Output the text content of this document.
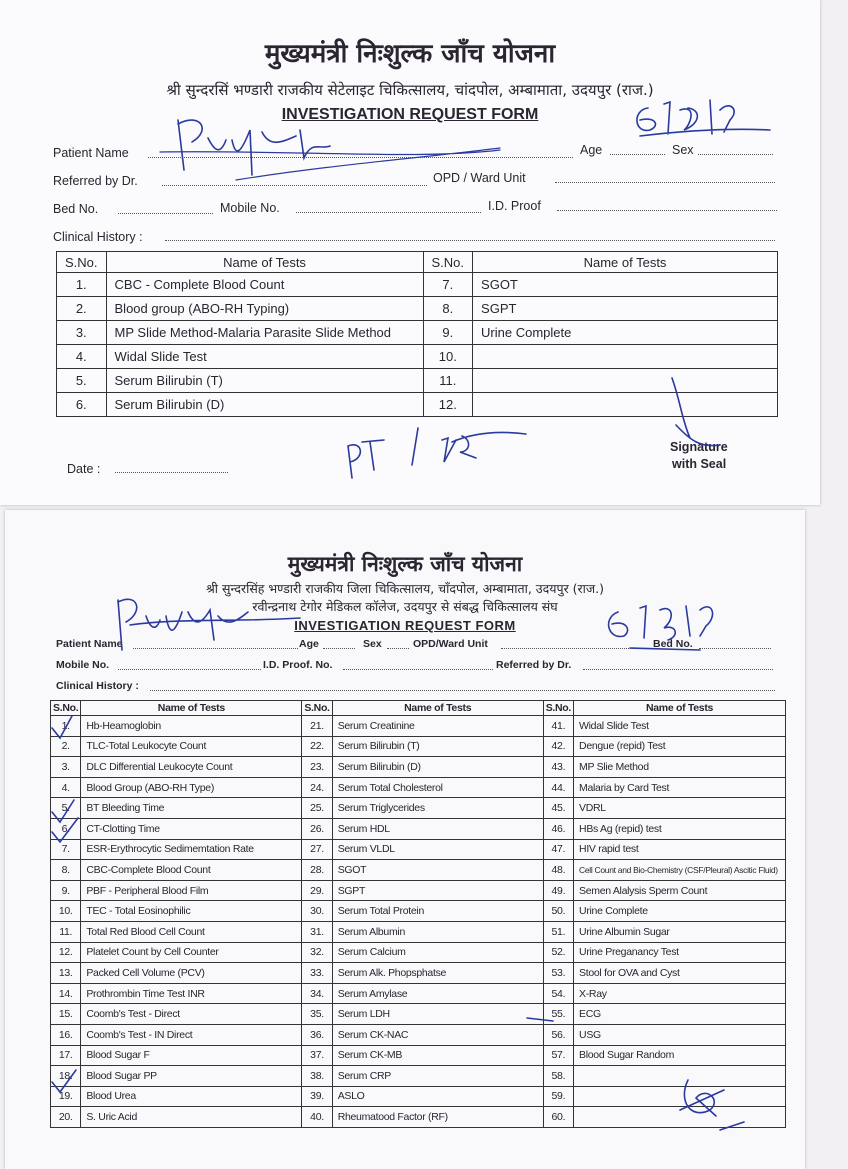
मुख्यमंत्री निःशुल्क जाँच योजना
श्री सुन्दरसिं भण्डारी राजकीय सेटेलाइट चिकित्सालय, चांदपोल, अम्बामाता, उदयपुर (राज.)
INVESTIGATION REQUEST FORM
Patient Name	Age	Sex
Referred by Dr.	OPD / Ward Unit
Bed No.	Mobile No.	I.D. Proof
Clinical History :
S.No.	Name of Tests	S.No.	Name of Tests
1.	CBC - Complete Blood Count	7.	SGOT
2.	Blood group (ABO-RH Typing)	8.	SGPT
3.	MP Slide Method-Malaria Parasite Slide Method	9.	Urine Complete
4.	Widal Slide Test	10.	
5.	Serum Bilirubin (T)	11.	
6.	Serum Bilirubin (D)	12.	
Date :
Signature
with Seal
मुख्यमंत्री निःशुल्क जाँच योजना
श्री सुन्दरसिंह भण्डारी राजकीय जिला चिकित्सालय, चाँदपोल, अम्बामाता, उदयपुर (राज.)
रवीन्द्रनाथ टेगोर मेडिकल कॉलेज, उदयपुर से संबद्ध चिकित्सालय संघ
INVESTIGATION REQUEST FORM
Patient Name	Age	Sex	OPD/Ward Unit	Bed No.
Mobile No.	I.D. Proof. No.	Referred by Dr.
Clinical History :
S.No.	Name of Tests	S.No.	Name of Tests	S.No.	Name of Tests
1.	Hb-Heamoglobin	21.	Serum Creatinine	41.	Widal Slide Test
2.	TLC-Total Leukocyte Count	22.	Serum Bilirubin (T)	42.	Dengue (repid) Test
3.	DLC Differential Leukocyte Count	23.	Serum Bilirubin (D)	43.	MP Slie Method
4.	Blood Group (ABO-RH Type)	24.	Serum Total Cholesterol	44.	Malaria by Card Test
5.	BT Bleeding Time	25.	Serum Triglycerides	45.	VDRL
6.	CT-Clotting Time	26.	Serum HDL	46.	HBs Ag (repid) test
7.	ESR-Erythrocytic Sedimemtation Rate	27.	Serum VLDL	47.	HIV rapid test
8.	CBC-Complete Blood Count	28.	SGOT	48.	Cell Count and Bio-Chemistry (CSF/Pleural) Ascitic Fluid)
9.	PBF - Peripheral Blood Film	29.	SGPT	49.	Semen Alalysis Sperm Count
10.	TEC - Total Eosinophilic	30.	Serum Total Protein	50.	Urine Complete
11.	Total Red Blood Cell Count	31.	Serum Albumin	51.	Urine Albumin Sugar
12.	Platelet Count by Cell Counter	32.	Serum Calcium	52.	Urine Preganancy Test
13.	Packed Cell Volume (PCV)	33.	Serum Alk. Phopsphatse	53.	Stool for OVA and Cyst
14.	Prothrombin Time Test INR	34.	Serum Amylase	54.	X-Ray
15.	Coomb's Test - Direct	35.	Serum LDH	55.	ECG
16.	Coomb's Test - IN Direct	36.	Serum CK-NAC	56.	USG
17.	Blood Sugar F	37.	Serum CK-MB	57.	Blood Sugar Random
18.	Blood Sugar PP	38.	Serum CRP	58.	
19.	Blood Urea	39.	ASLO	59.	
20.	S. Uric Acid	40.	Rheumatood Factor (RF)	60.	
